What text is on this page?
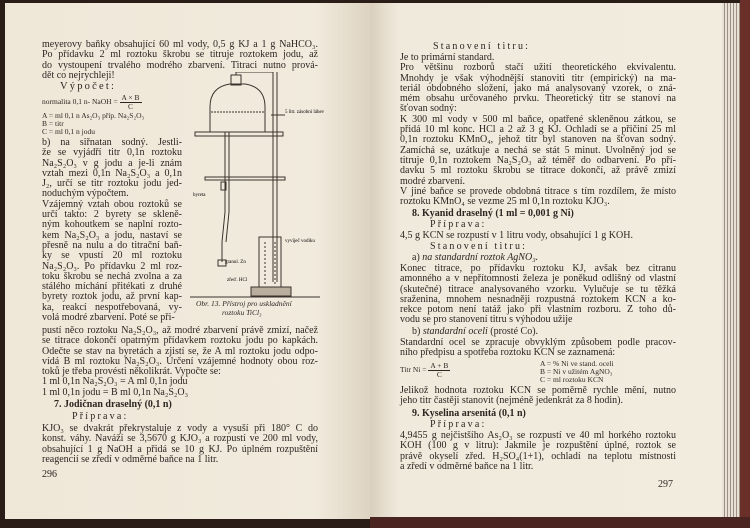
meyerovy baňky obsahující 60 ml vody, 0,5 g KJ a 1 g NaHCO₃.
Po přídavku 2 ml roztoku škrobu se titruje roztokem jodu, až
do vystoupení trvalého modrého zbarvení. Titraci nutno prová-
dět co nejrychleji!
Výpočet:
normalita 0,1 n- NaOH = $\frac{A \times B}{C}$
A = ml 0,1 n As₂O₃ příp. Na₂S₂O₃
B = titr
C = ml 0,1 n jodu
b) na siřnatan sodný. Jestli-
že se vyjádří titr 0,1n roztoku
Na₂S₂O₃ v g jodu a je-li znám
vztah mezi 0,1n Na₂S₂O₃ a 0,1n
J₂, určí se titr roztoku jodu jed-
noduchým výpočtem.
Vzájemný vztah obou roztoků se
určí takto: 2 byrety se skleně-
ným kohoutkem se naplní rozto-
kem Na₂S₂O₃ a jodu, nastaví se
přesně na nulu a do titrační baň-
ky se vpustí 20 ml roztoku
Na₂S₂O₃. Po přídavku 2 ml roz-
toku škrobu se nechá zvolna a za
stálého míchání přitékati z druhé
byrety roztok jodu, až první kap-
ka, reakcí nespotřebovaná, vy-
volá modré zbarvení. Poté se při-
pustí něco roztoku Na₂S₂O₃, až modré zbarvení právě zmizí, načež
se titrace dokončí opatrným přídavkem roztoku jodu po kapkách.
Odečte se stav na byretách a zjistí se, že A ml roztoku jodu odpo-
vídá B ml roztoku Na₂S₂O₃. Určení vzájemné hodnoty obou roz-
toků je třeba provésti několikrát. Vypočte se:
1 ml 0,1n Na₂S₂O₃ = A ml 0,1n jodu
1 ml 0,1n jodu = B ml 0,1n Na₂S₂O₃
7. Jodičnan draselný (0,1 n)
Příprava:
KJO₃ se dvakrát překrystaluje z vody a vysuší při 180° C do
konst. váhy. Naváží se 3,5670 g KJO₃ a rozpustí ve 200 ml vody,
obsahující 1 g NaOH a přidá se 10 g KJ. Po úplném rozpuštění
reagencií se zředí v odměrné baňce na 1 litr.
296
5 litr. zásobní láhev
byreta
vyvíječ vodíku
granul. Zn
zřeď. HCl
Obr. 13. Přístroj pro uskladnění
roztoku TiCl₃
Stanovení titru:
Je to primární standard.
Pro většinu rozborů stačí užití theoretického ekvivalentu.
Mnohdy je však výhodnější stanoviti titr (empirický) na ma-
teriál obdobného složení, jako má analysovaný vzorek, o zná-
mém obsahu určovaného prvku. Theoretický titr se stanoví na
šťovan sodný:
K 300 ml vody v 500 ml baňce, opatřené skleněnou zátkou, se
přidá 10 ml konc. HCl a 2 až 3 g KJ. Ochladí se a přičiní 25 ml
0,1n roztoku KMnO₄, jehož titr byl stanoven na šťovan sodný.
Zamíchá se, uzátkuje a nechá se stát 5 minut. Uvolněný jod se
titruje 0,1n roztokem Na₂S₂O₃ až téměř do odbarvení. Po pří-
davku 5 ml roztoku škrobu se titrace dokončí, až právě zmizí
modré zbarvení.
V jiné baňce se provede obdobná titrace s tím rozdílem, že místo
roztoku KMnO₄ se vezme 25 ml 0,1n roztoku KJO₃.
8. Kyanid draselný (1 ml = 0,001 g Ni)
Příprava:
4,5 g KCN se rozpustí v 1 litru vody, obsahující 1 g KOH.
Stanovení titru:
a) na standardní roztok AgNO₃.
Konec titrace, po přídavku roztoku KJ, avšak bez citranu
amonného a v nepřítomnosti železa je poněkud odlišný od vlastní
(skutečné) titrace analysovaného vzorku. Vylučuje se tu těžká
sraženina, mnohem nesnadněji rozpustná roztokem KCN a ko-
rekce potom není tatáž jako při vlastním rozboru. Z toho dů-
vodu se pro stanovení titru s výhodou užije
b) standardní oceli (prosté Co).
Standardní ocel se zpracuje obvyklým způsobem podle pracov-
ního předpisu a spotřeba roztoku KCN se zaznamená:
Titr $Ni = \frac{A + B}{C}$	A = % Ni ve stand. oceli
B = Ni v užitém AgNO₃
C = ml roztoku KCN
Jelikož hodnota roztoku KCN se poměrně rychle mění, nutno
jeho titr častěji stanovit (nejméně jedenkrát za 8 hodin).
9. Kyselina arsenitá (0,1 n)
Příprava:
4,9455 g nejčistšího As₂O₃ se rozpustí ve 40 ml horkého roztoku
KOH (100 g v litru): Jakmile je rozpuštění úplné, roztok se
právě okyselí zřed. H₂SO₄(1+1), ochladí na teplotu místnosti
a zředí v odměrné baňce na 1 litr.
297
